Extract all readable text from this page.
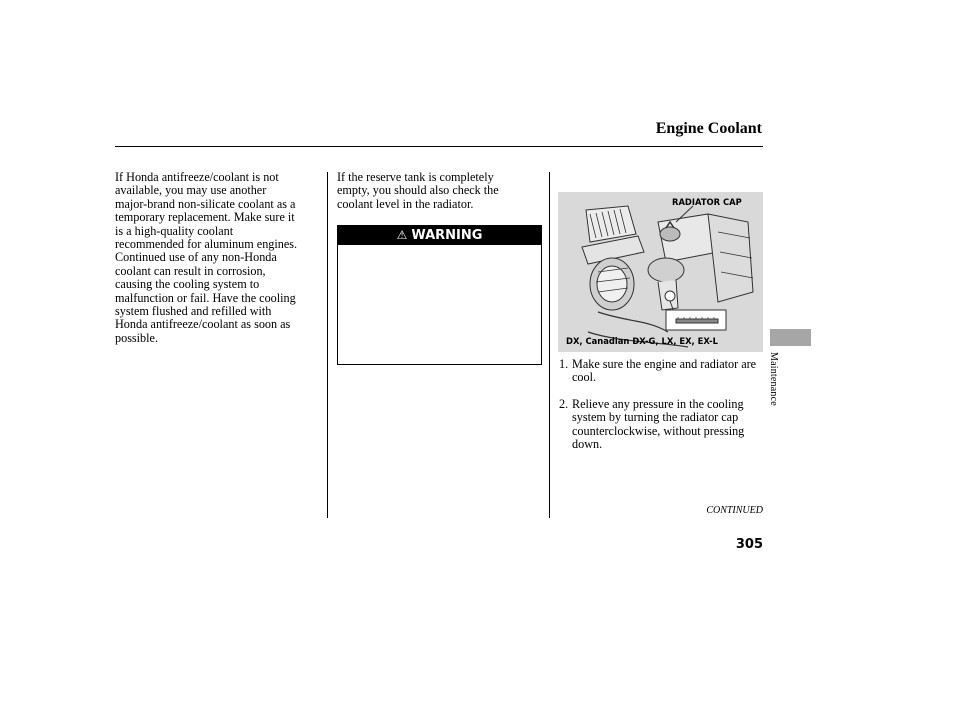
Engine Coolant
If Honda antifreeze/coolant is not
available, you may use another
major-brand non-silicate coolant as a
temporary replacement. Make sure it
is a high-quality coolant
recommended for aluminum engines.
Continued use of any non-Honda
coolant can result in corrosion,
causing the cooling system to
malfunction or fail. Have the cooling
system flushed and refilled with
Honda antifreeze/coolant as soon as
possible.
If the reserve tank is completely
empty, you should also check the
coolant level in the radiator.
⚠ WARNING
RADIATOR CAP
DX, Canadian DX-G, LX, EX, EX-L
1. Make sure the engine and radiator are cool.
2. Relieve any pressure in the cooling system by turning the radiator cap counterclockwise, without pressing down.
CONTINUED
305
Maintenance
